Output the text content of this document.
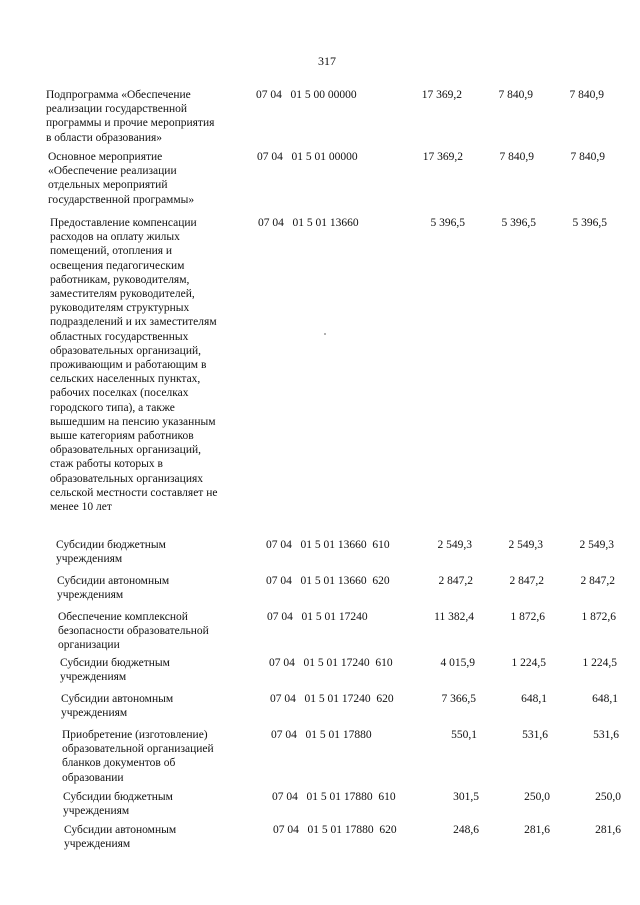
317
Подпрограмма «Обеспечение
реализации государственной
программы и прочие мероприятия
в области образования»
07 04   01 5 00 00000	17 369,2	7 840,9	7 840,9
Основное мероприятие
«Обеспечение реализации
отдельных мероприятий
государственной программы»
07 04   01 5 01 00000	17 369,2	7 840,9	7 840,9
Предоставление компенсации
расходов на оплату жилых
помещений, отопления и
освещения педагогическим
работникам, руководителям,
заместителям руководителей,
руководителям структурных
подразделений и их заместителям
областных государственных
образовательных организаций,
проживающим и работающим в
сельских населенных пунктах,
рабочих поселках (поселках
городского типа), а также
вышедшим на пенсию указанным
выше категориям работников
образовательных организаций,
стаж работы которых в
образовательных организациях
сельской местности составляет не
менее 10 лет
07 04   01 5 01 13660	5 396,5	5 396,5	5 396,5
Субсидии бюджетным
учреждениям
07 04   01 5 01 13660  610	2 549,3	2 549,3	2 549,3
Субсидии автономным
учреждениям
07 04   01 5 01 13660  620	2 847,2	2 847,2	2 847,2
Обеспечение комплексной
безопасности образовательной
организации
07 04   01 5 01 17240	11 382,4	1 872,6	1 872,6
Субсидии бюджетным
учреждениям
07 04   01 5 01 17240  610	4 015,9	1 224,5	1 224,5
Субсидии автономным
учреждениям
07 04   01 5 01 17240  620	7 366,5	648,1	648,1
Приобретение (изготовление)
образовательной организацией
бланков документов об
образовании
07 04   01 5 01 17880	550,1	531,6	531,6
Субсидии бюджетным
учреждениям
07 04   01 5 01 17880  610	301,5	250,0	250,0
Субсидии автономным
учреждениям
07 04   01 5 01 17880  620	248,6	281,6	281,6
